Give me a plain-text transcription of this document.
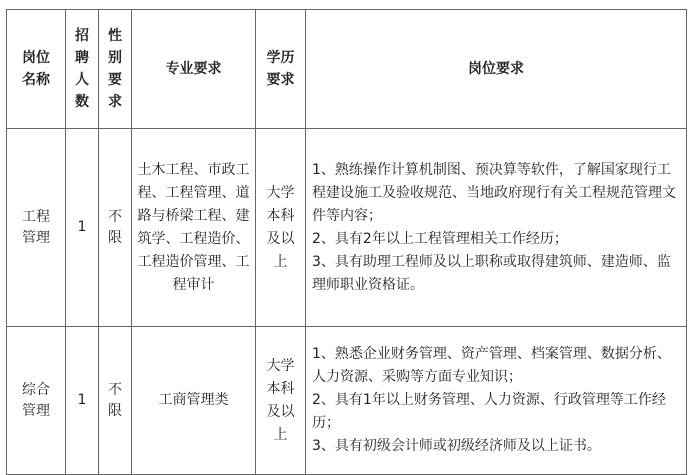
岗位名称	招聘人数	性别要求	专业要求	学历要求	岗位要求

工程管理	1	不限	土木工程、市政工程、工程管理、道路与桥梁工程、建筑学、工程造价、工程造价管理、工程审计	大学本科及以上	1、熟练操作计算机制图、预决算等软件，了解国家现行工程建设施工及验收规范、当地政府现行有关工程规范管理文件等内容；
2、具有2年以上工程管理相关工作经历；
3、具有助理工程师及以上职称或取得建筑师、建造师、监理师职业资格证。

综合管理	1	不限	工商管理类	大学本科及以上	1、熟悉企业财务管理、资产管理、档案管理、数据分析、人力资源、采购等方面专业知识；
2、具有1年以上财务管理、人力资源、行政管理等工作经历；
3、具有初级会计师或初级经济师及以上证书。
